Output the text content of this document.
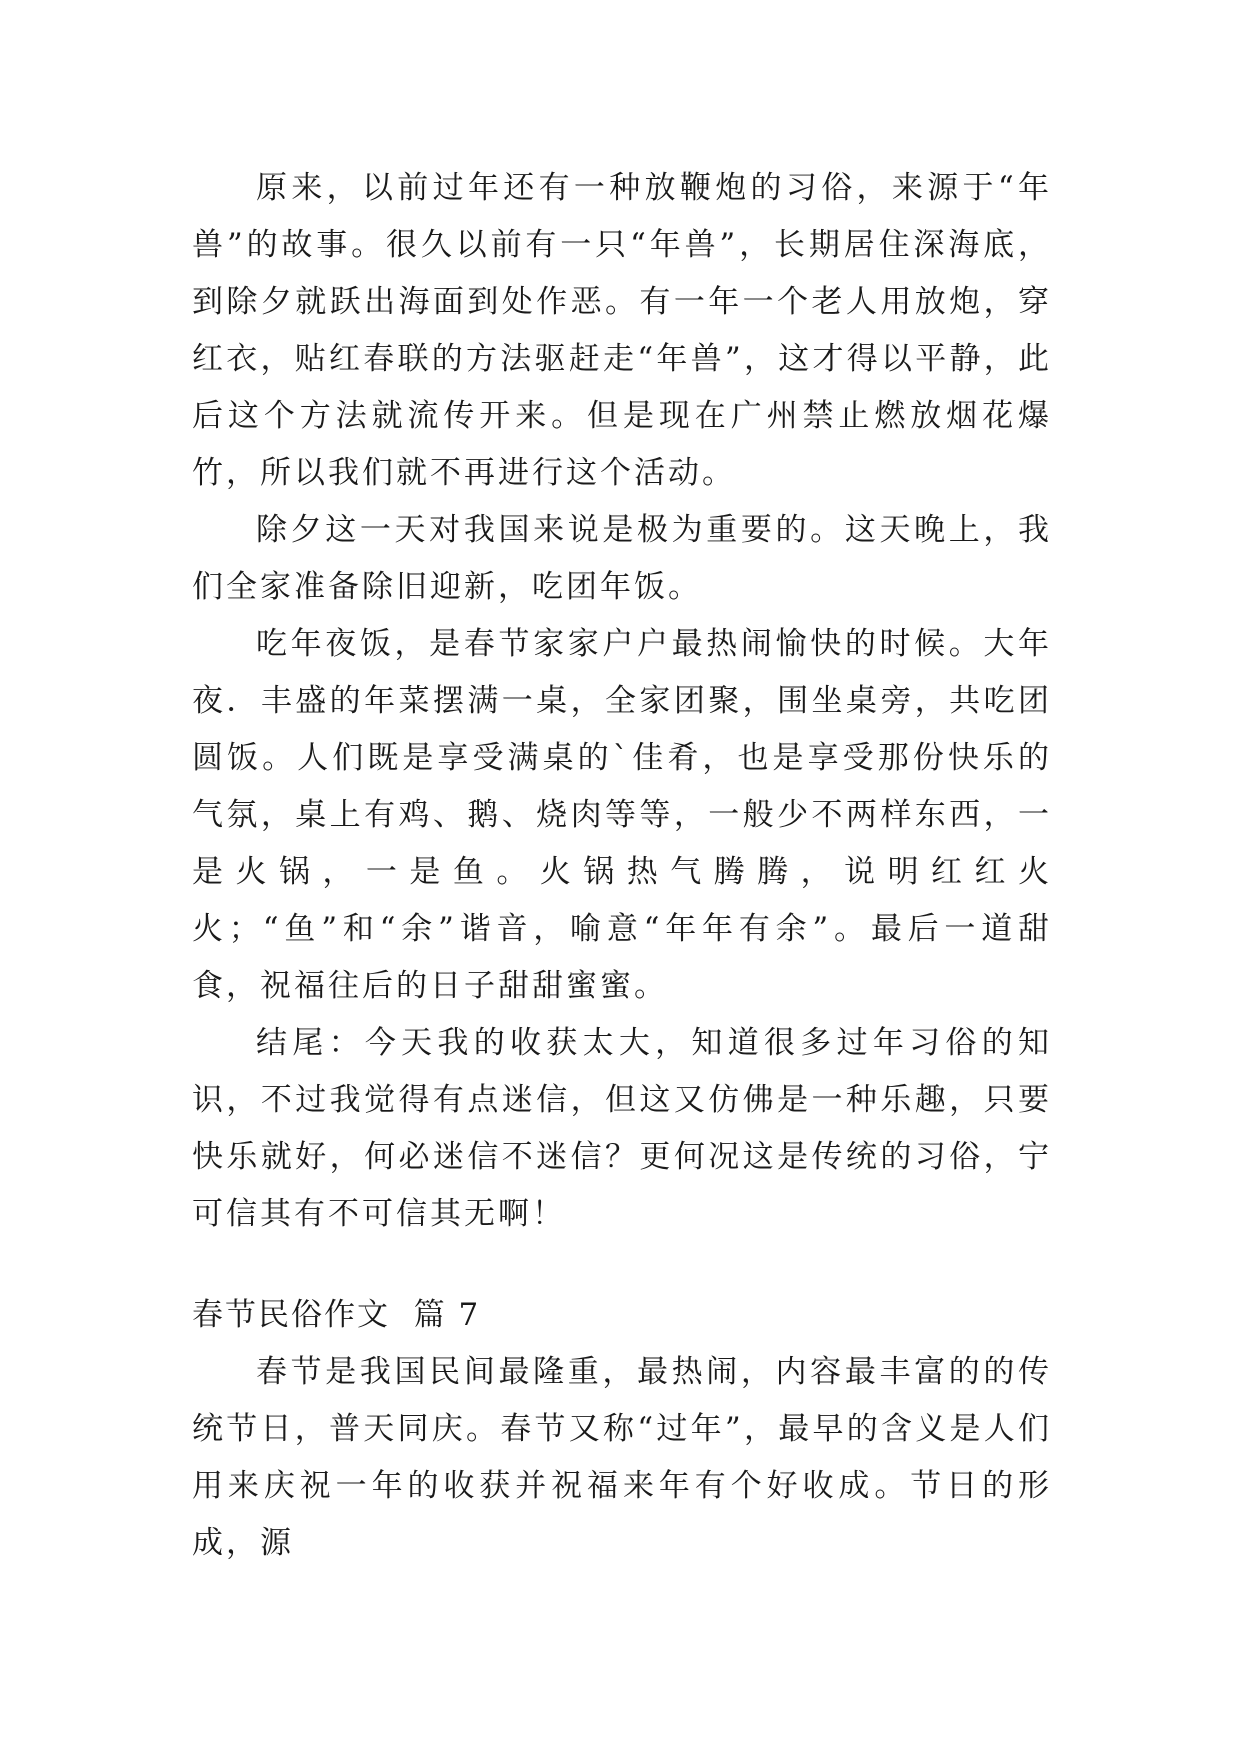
原来，以前过年还有一种放鞭炮的习俗，来源于“年兽”的故事。很久以前有一只“年兽”，长期居住深海底，到除夕就跃出海面到处作恶。有一年一个老人用放炮，穿红衣，贴红春联的方法驱赶走“年兽”，这才得以平静，此后这个方法就流传开来。但是现在广州禁止燃放烟花爆竹，所以我们就不再进行这个活动。

除夕这一天对我国来说是极为重要的。这天晚上，我们全家准备除旧迎新，吃团年饭。

吃年夜饭，是春节家家户户最热闹愉快的时候。大年夜．丰盛的年菜摆满一桌，全家团聚，围坐桌旁，共吃团圆饭。人们既是享受满桌的`佳肴，也是享受那份快乐的气氛，桌上有鸡、鹅、烧肉等等，一般少不两样东西，一是火锅，一是鱼。火锅热气腾腾，说明红红火火；“鱼”和“余”谐音，喻意“年年有余”。最后一道甜食，祝福往后的日子甜甜蜜蜜。

结尾：今天我的收获太大，知道很多过年习俗的知识，不过我觉得有点迷信，但这又仿佛是一种乐趣，只要快乐就好，何必迷信不迷信？更何况这是传统的习俗，宁可信其有不可信其无啊！

春节民俗作文  篇 7

春节是我国民间最隆重，最热闹，内容最丰富的的传统节日，普天同庆。春节又称“过年”，最早的含义是人们用来庆祝一年的收获并祝福来年有个好收成。节日的形成，源
